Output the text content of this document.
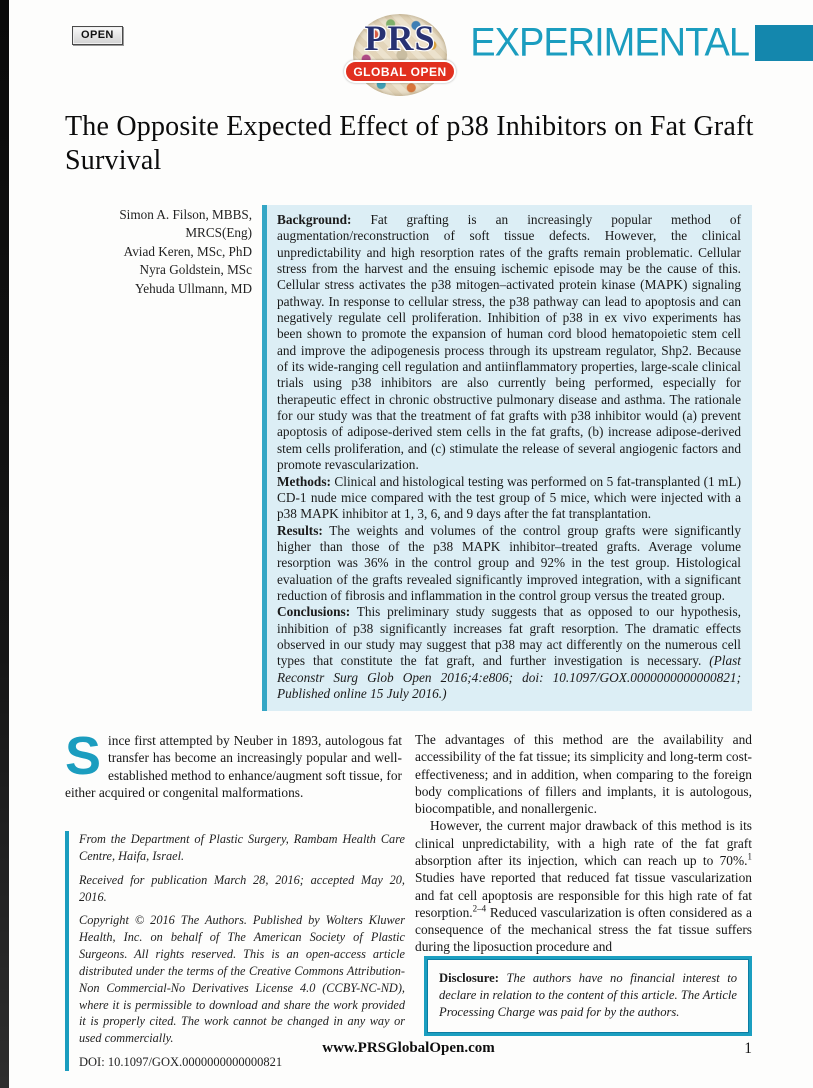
OPEN	PRS
GLOBAL OPEN
EXPERIMENTAL
The Opposite Expected Effect of p38 Inhibitors on Fat Graft Survival
Simon A. Filson, MBBS,
MRCS(Eng)
Aviad Keren, MSc, PhD
Nyra Goldstein, MSc
Yehuda Ullmann, MD

Background: Fat grafting is an increasingly popular method of augmentation/reconstruction of soft tissue defects. However, the clinical unpredictability and high resorption rates of the grafts remain problematic. Cellular stress from the harvest and the ensuing ischemic episode may be the cause of this. Cellular stress activates the p38 mitogen–activated protein kinase (MAPK) signaling pathway. In response to cellular stress, the p38 pathway can lead to apoptosis and can negatively regulate cell proliferation. Inhibition of p38 in ex vivo experiments has been shown to promote the expansion of human cord blood hematopoietic stem cell and improve the adipogenesis process through its upstream regulator, Shp2. Because of its wide-ranging cell regulation and antiinflammatory properties, large-scale clinical trials using p38 inhibitors are also currently being performed, especially for therapeutic effect in chronic obstructive pulmonary disease and asthma. The rationale for our study was that the treatment of fat grafts with p38 inhibitor would (a) prevent apoptosis of adipose-derived stem cells in the fat grafts, (b) increase adipose-derived stem cells proliferation, and (c) stimulate the release of several angiogenic factors and promote revascularization.

Methods: Clinical and histological testing was performed on 5 fat-transplanted (1 mL) CD-1 nude mice compared with the test group of 5 mice, which were injected with a p38 MAPK inhibitor at 1, 3, 6, and 9 days after the fat transplantation.

Results: The weights and volumes of the control group grafts were significantly higher than those of the p38 MAPK inhibitor–treated grafts. Average volume resorption was 36% in the control group and 92% in the test group. Histological evaluation of the grafts revealed significantly improved integration, with a significant reduction of fibrosis and inflammation in the control group versus the treated group.

Conclusions: This preliminary study suggests that as opposed to our hypothesis, inhibition of p38 significantly increases fat graft resorption. The dramatic effects observed in our study may suggest that p38 may act differently on the numerous cell types that constitute the fat graft, and further investigation is necessary. (Plast Reconstr Surg Glob Open 2016;4:e806; doi: 10.1097/GOX.0000000000000821; Published online 15 July 2016.)

Since first attempted by Neuber in 1893, autologous fat transfer has become an increasingly popular and well-established method to enhance/augment soft tissue, for either acquired or congenital malformations.

From the Department of Plastic Surgery, Rambam Health Care Centre, Haifa, Israel.

Received for publication March 28, 2016; accepted May 20, 2016.

Copyright © 2016 The Authors. Published by Wolters Kluwer Health, Inc. on behalf of The American Society of Plastic Surgeons. All rights reserved. This is an open-access article distributed under the terms of the Creative Commons Attribution-Non Commercial-No Derivatives License 4.0 (CCBY-NC-ND), where it is permissible to download and share the work provided it is properly cited. The work cannot be changed in any way or used commercially.

DOI: 10.1097/GOX.0000000000000821

The advantages of this method are the availability and accessibility of the fat tissue; its simplicity and long-term cost-effectiveness; and in addition, when comparing to the foreign body complications of fillers and implants, it is autologous, biocompatible, and nonallergenic.

However, the current major drawback of this method is its clinical unpredictability, with a high rate of the fat graft absorption after its injection, which can reach up to 70%.$^1$ Studies have reported that reduced fat tissue vascularization and fat cell apoptosis are responsible for this high rate of fat resorption.$^{2-4}$ Reduced vascularization is often considered as a consequence of the mechanical stress the fat tissue suffers during the liposuction procedure and

Disclosure: The authors have no financial interest to declare in relation to the content of this article. The Article Processing Charge was paid for by the authors.
www.PRSGlobalOpen.com	1
